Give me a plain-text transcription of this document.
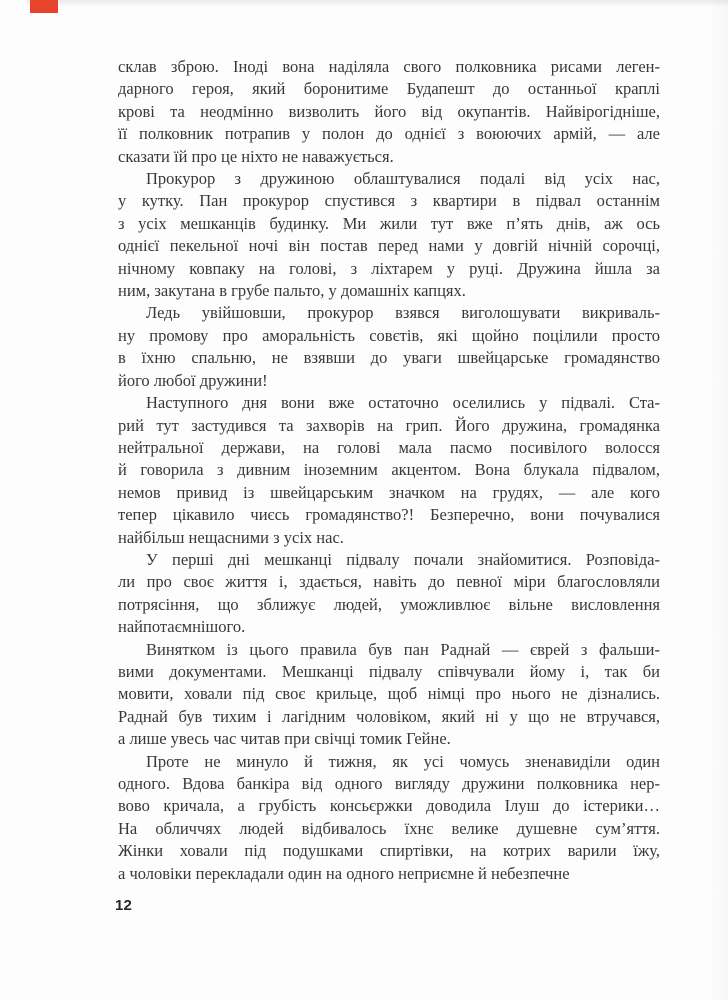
склав зброю. Іноді вона наділяла свого полковника рисами леген-
дарного героя, який боронитиме Будапешт до останньої краплі
крові та неодмінно визволить його від окупантів. Найвірогідніше,
її полковник потрапив у полон до однієї з воюючих армій, — але
сказати їй про це ніхто не наважується.
Прокурор з дружиною облаштувалися подалі від усіх нас,
у кутку. Пан прокурор спустився з квартири в підвал останнім
з усіх мешканців будинку. Ми жили тут вже п’ять днів, аж ось
однієї пекельної ночі він постав перед нами у довгій нічній сорочці,
нічному ковпаку на голові, з ліхтарем у руці. Дружина йшла за
ним, закутана в грубе пальто, у домашніх капцях.
Ледь увійшовши, прокурор взявся виголошувати викриваль-
ну промову про аморальність совєтів, які щойно поцілили просто
в їхню спальню, не взявши до уваги швейцарське громадянство
його любої дружини!
Наступного дня вони вже остаточно оселились у підвалі. Ста-
рий тут застудився та захворів на грип. Його дружина, громадянка
нейтральної держави, на голові мала пасмо посивілого волосся
й говорила з дивним іноземним акцентом. Вона блукала підвалом,
немов привид із швейцарським значком на грудях, — але кого
тепер цікавило чиєсь громадянство?! Безперечно, вони почувалися
найбільш нещасними з усіх нас.
У перші дні мешканці підвалу почали знайомитися. Розповіда-
ли про своє життя і, здається, навіть до певної міри благословляли
потрясіння, що зближує людей, уможливлює вільне висловлення
найпотаємнішого.
Винятком із цього правила був пан Раднай — єврей з фальши-
вими документами. Мешканці підвалу співчували йому і, так би
мовити, ховали під своє крильце, щоб німці про нього не дізнались.
Раднай був тихим і лагідним чоловіком, який ні у що не втручався,
а лише увесь час читав при свічці томик Гейне.
Проте не минуло й тижня, як усі чомусь зненавиділи один
одного. Вдова банкіра від одного вигляду дружини полковника нер-
вово кричала, а грубість консьєржки доводила Ілуш до істерики…
На обличчях людей відбивалось їхнє велике душевне сум’яття.
Жінки ховали під подушками спиртівки, на котрих варили їжу,
а чоловіки перекладали один на одного неприємне й небезпечне
12
